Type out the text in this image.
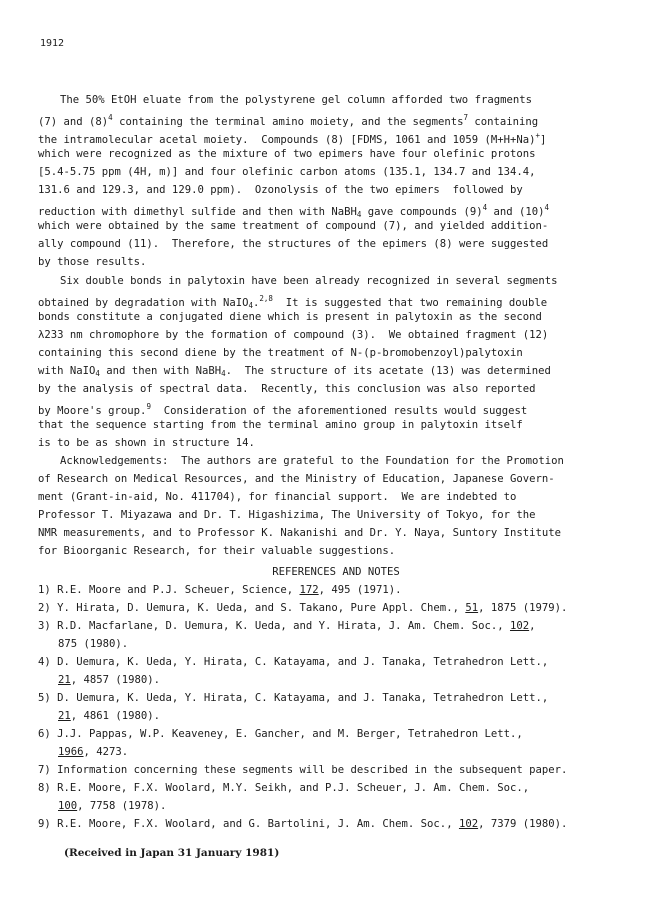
1912
The 50% EtOH eluate from the polystyrene gel column afforded two fragments
(7) and $(8)^4$ containing the terminal amino moiety, and the segments$^7$ containing
the intramolecular acetal moiety.  Compounds (8) [FDMS, 1061 and 1059 (M+H+Na)+]
which were recognized as the mixture of two epimers have four olefinic protons
[5.4-5.75 ppm (4H, m)] and four olefinic carbon atoms (135.1, 134.7 and 134.4,
131.6 and 129.3, and 129.0 ppm).  Ozonolysis of the two epimers  followed by
reduction with dimethyl sulfide and then with NaBH$_4$ gave compounds $(9)^4$ and $(10)^4$
which were obtained by the same treatment of compound (7), and yielded addition-
ally compound (11).  Therefore, the structures of the epimers (8) were suggested
by those results.
Six double bonds in palytoxin have been already recognized in several segments
obtained by degradation with NaIO$_4$.$^{2,8}$  It is suggested that two remaining double
bonds constitute a conjugated diene which is present in palytoxin as the second
λ233 nm chromophore by the formation of compound (3).  We obtained fragment (12)
containing this second diene by the treatment of N-(p-bromobenzoyl)palytoxin
with NaIO$_4$ and then with NaBH$_4$.  The structure of its acetate (13) was determined
by the analysis of spectral data.  Recently, this conclusion was also reported
by Moore's group.$^9$  Consideration of the aforementioned results would suggest
that the sequence starting from the terminal amino group in palytoxin itself
is to be as shown in structure 14.
Acknowledgements:  The authors are grateful to the Foundation for the Promotion
of Research on Medical Resources, and the Ministry of Education, Japanese Govern-
ment (Grant-in-aid, No. 411704), for financial support.  We are indebted to
Professor T. Miyazawa and Dr. T. Higashizima, The University of Tokyo, for the
NMR measurements, and to Professor K. Nakanishi and Dr. Y. Naya, Suntory Institute
for Bioorganic Research, for their valuable suggestions.
REFERENCES AND NOTES
1) R.E. Moore and P.J. Scheuer, Science, 172, 495 (1971).
2) Y. Hirata, D. Uemura, K. Ueda, and S. Takano, Pure Appl. Chem., 51, 1875 (1979).
3) R.D. Macfarlane, D. Uemura, K. Ueda, and Y. Hirata, J. Am. Chem. Soc., 102,
875 (1980).
4) D. Uemura, K. Ueda, Y. Hirata, C. Katayama, and J. Tanaka, Tetrahedron Lett.,
21, 4857 (1980).
5) D. Uemura, K. Ueda, Y. Hirata, C. Katayama, and J. Tanaka, Tetrahedron Lett.,
21, 4861 (1980).
6) J.J. Pappas, W.P. Keaveney, E. Gancher, and M. Berger, Tetrahedron Lett.,
1966, 4273.
7) Information concerning these segments will be described in the subsequent paper.
8) R.E. Moore, F.X. Woolard, M.Y. Seikh, and P.J. Scheuer, J. Am. Chem. Soc.,
100, 7758 (1978).
9) R.E. Moore, F.X. Woolard, and G. Bartolini, J. Am. Chem. Soc., 102, 7379 (1980).
(Received in Japan 31 January 1981)
